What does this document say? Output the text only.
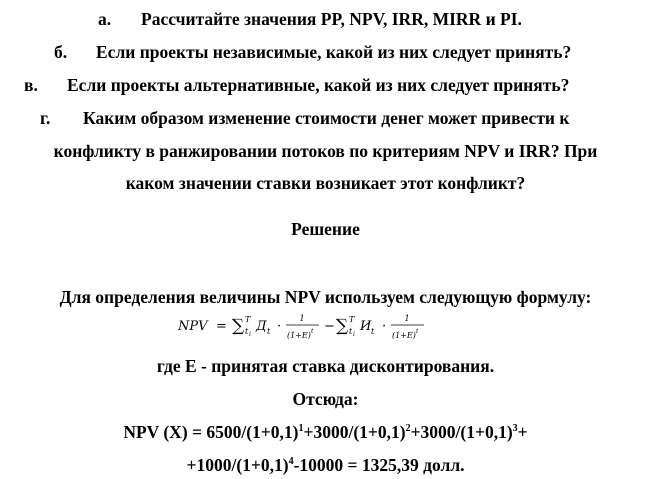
а. Рассчитайте значения PP, NPV, IRR, MIRR и PI.
б. Если проекты независимые, какой из них следует принять?
в. Если проекты альтернативные, какой из них следует принять?
г. Каким образом изменение стоимости денег может привести к
конфликту в ранжировании потоков по критериям NPV и IRR? При
каком значении ставки возникает этот конфликт?
Решение
Для определения величины NPV используем следующую формулу:
NPV = ∑ T
t i
Д t ·
1
(1+E) t − ∑ T
t i
И t ·
1
(1+E) t
где Е - принятая ставка дисконтирования.
Отсюда:
NPV $(X) = 6500/(1+0,1)^1+3000/(1+0,1)^2+3000/(1+0,1)^3+$
$+1000/(1+0,1)^4-10000 = 1325,39$ долл.
